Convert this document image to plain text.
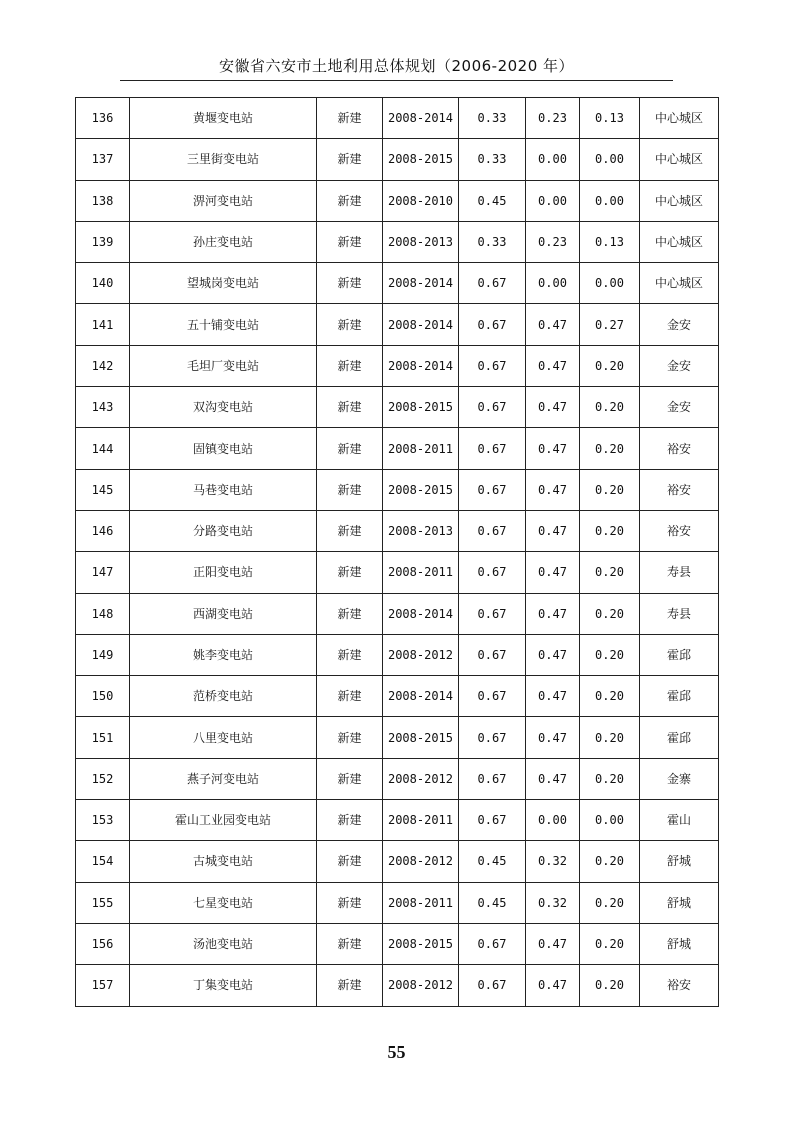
安徽省六安市土地利用总体规划（2006-2020 年）
136	黄堰变电站	新建	2008-2014	0.33	0.23	0.13	中心城区
137	三里街变电站	新建	2008-2015	0.33	0.00	0.00	中心城区
138	淠河变电站	新建	2008-2010	0.45	0.00	0.00	中心城区
139	孙庄变电站	新建	2008-2013	0.33	0.23	0.13	中心城区
140	望城岗变电站	新建	2008-2014	0.67	0.00	0.00	中心城区
141	五十铺变电站	新建	2008-2014	0.67	0.47	0.27	金安
142	毛坦厂变电站	新建	2008-2014	0.67	0.47	0.20	金安
143	双沟变电站	新建	2008-2015	0.67	0.47	0.20	金安
144	固镇变电站	新建	2008-2011	0.67	0.47	0.20	裕安
145	马巷变电站	新建	2008-2015	0.67	0.47	0.20	裕安
146	分路变电站	新建	2008-2013	0.67	0.47	0.20	裕安
147	正阳变电站	新建	2008-2011	0.67	0.47	0.20	寿县
148	西湖变电站	新建	2008-2014	0.67	0.47	0.20	寿县
149	姚李变电站	新建	2008-2012	0.67	0.47	0.20	霍邱
150	范桥变电站	新建	2008-2014	0.67	0.47	0.20	霍邱
151	八里变电站	新建	2008-2015	0.67	0.47	0.20	霍邱
152	燕子河变电站	新建	2008-2012	0.67	0.47	0.20	金寨
153	霍山工业园变电站	新建	2008-2011	0.67	0.00	0.00	霍山
154	古城变电站	新建	2008-2012	0.45	0.32	0.20	舒城
155	七星变电站	新建	2008-2011	0.45	0.32	0.20	舒城
156	汤池变电站	新建	2008-2015	0.67	0.47	0.20	舒城
157	丁集变电站	新建	2008-2012	0.67	0.47	0.20	裕安
55
